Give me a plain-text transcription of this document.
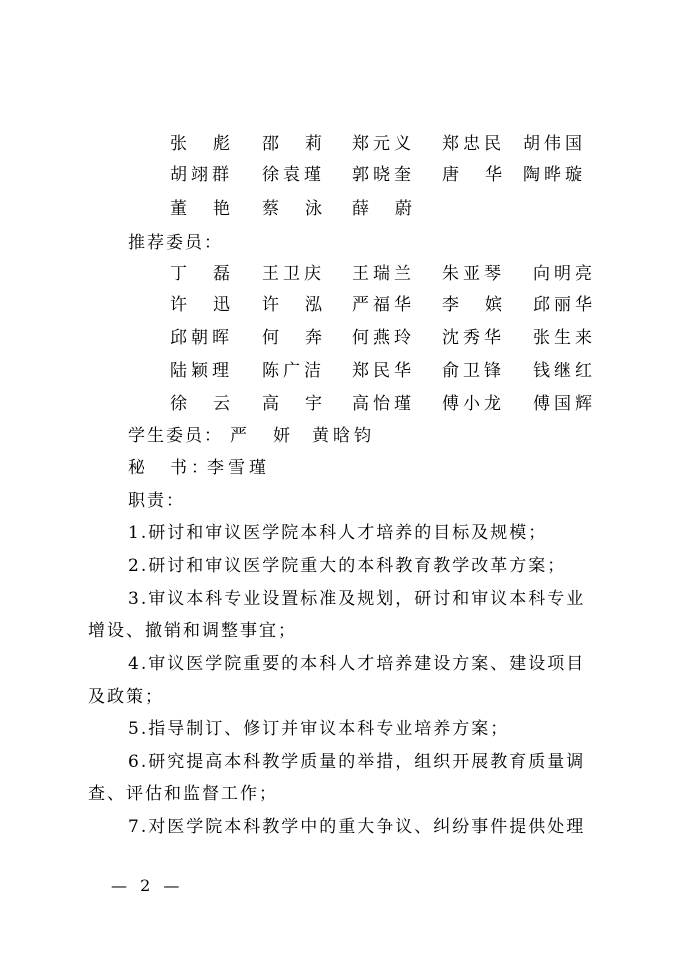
张彪 邵莉 郑元义 郑忠民 胡伟国
胡翊群 徐袁瑾 郭晓奎 唐华
陶晔璇
董艳 蔡泳 薛蔚
推荐委员：
丁磊 王卫庆 王瑞兰 朱亚琴 向明亮
许迅 许泓 严福华 李嫔 邱丽华
邱朝晖 何奔 何燕玲 沈秀华 张生来
陆颖理 陈广洁 郑民华 俞卫锋 钱继红
徐云 高宇 高怡瑾 傅小龙 傅国辉
学生委员： 严妍
黄晗钧
秘　书：
李雪瑾
职责：
1.研讨和审议医学院本科人才培养的目标及规模；
2.研讨和审议医学院重大的本科教育教学改革方案；
3.审议本科专业设置标准及规划，研讨和审议本科专业
增设、撤销和调整事宜；
4.审议医学院重要的本科人才培养建设方案、建设项目
及政策；
5.指导制订、修订并审议本科专业培养方案；
6.研究提高本科教学质量的举措，组织开展教育质量调
查、评估和监督工作；
7.对医学院本科教学中的重大争议、纠纷事件提供处理
— 2 —
